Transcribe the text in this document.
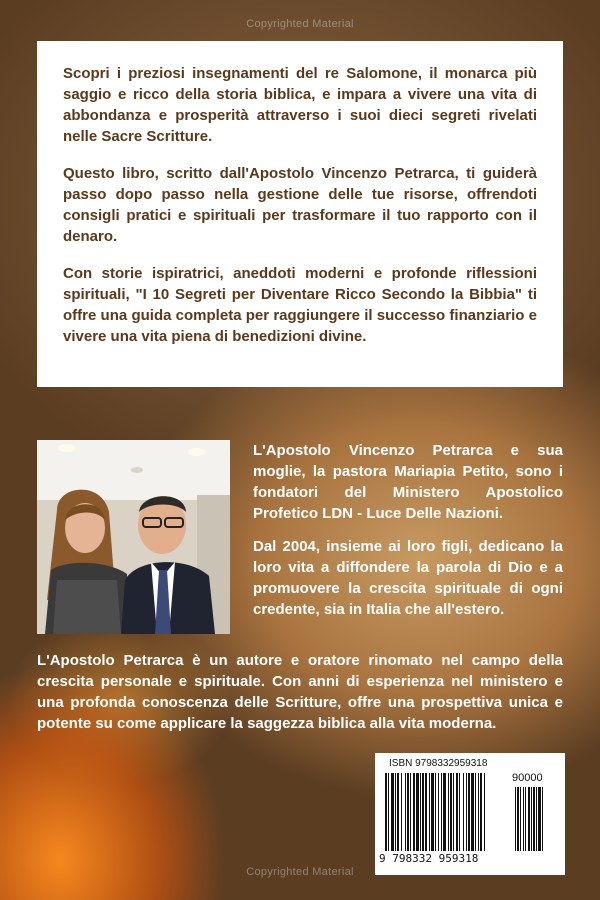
Copyrighted Material

Scopri i preziosi insegnamenti del re Salomone, il monarca più saggio e ricco della storia biblica, e impara a vivere una vita di abbondanza e prosperità attraverso i suoi dieci segreti rivelati nelle Sacre Scritture.

Questo libro, scritto dall'Apostolo Vincenzo Petrarca, ti guiderà passo dopo passo nella gestione delle tue risorse, offrendoti consigli pratici e spirituali per trasformare il tuo rapporto con il denaro.

Con storie ispiratrici, aneddoti moderni e profonde riflessioni spirituali, "I 10 Segreti per Diventare Ricco Secondo la Bibbia" ti offre una guida completa per raggiungere il successo finanziario e vivere una vita piena di benedizioni divine.

L'Apostolo Vincenzo Petrarca e sua moglie, la pastora Mariapia Petito, sono i fondatori del Ministero Apostolico Profetico LDN - Luce Delle Nazioni.

Dal 2004, insieme ai loro figli, dedicano la loro vita a diffondere la parola di Dio e a promuovere la crescita spirituale di ogni credente, sia in Italia che all'estero.

L'Apostolo Petrarca è un autore e oratore rinomato nel campo della crescita personale e spirituale. Con anni di esperienza nel ministero e una profonda conoscenza delle Scritture, offre una prospettiva unica e potente su come applicare la saggezza biblica alla vita moderna.

ISBN 9798332959318
90000
9 798332 959318
Copyrighted Material
